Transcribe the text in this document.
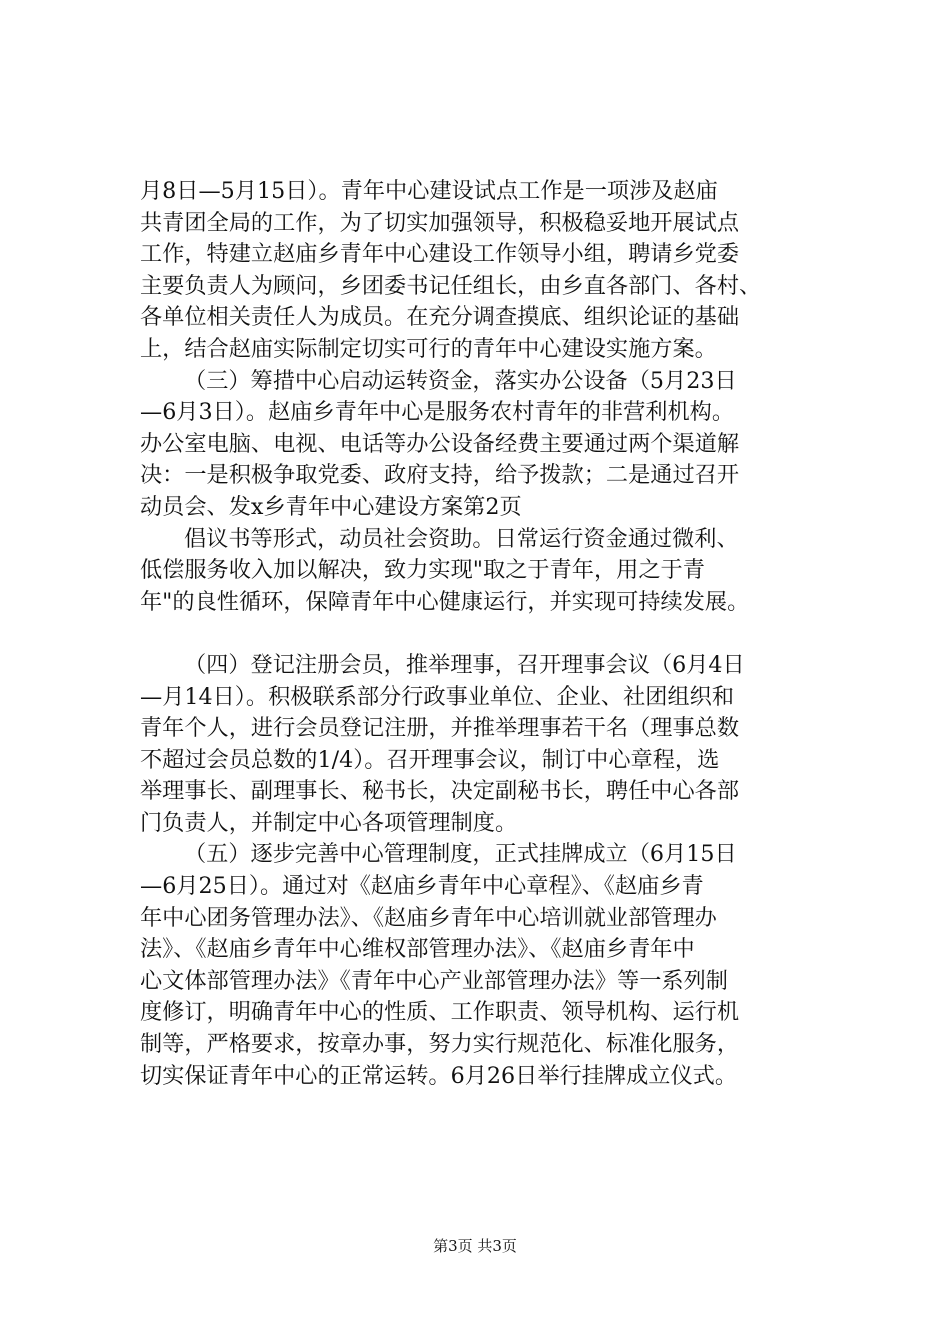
月8日—5月15日）。青年中心建设试点工作是一项涉及赵庙
共青团全局的工作，为了切实加强领导，积极稳妥地开展试点
工作，特建立赵庙乡青年中心建设工作领导小组，聘请乡党委
主要负责人为顾问，乡团委书记任组长，由乡直各部门、各村、
各单位相关责任人为成员。在充分调查摸底、组织论证的基础
上，结合赵庙实际制定切实可行的青年中心建设实施方案。
（三）筹措中心启动运转资金，落实办公设备（5月23日
—6月3日）。赵庙乡青年中心是服务农村青年的非营利机构。
办公室电脑、电视、电话等办公设备经费主要通过两个渠道解
决：一是积极争取党委、政府支持，给予拨款；二是通过召开
动员会、发x乡青年中心建设方案第2页
倡议书等形式，动员社会资助。日常运行资金通过微利、
低偿服务收入加以解决，致力实现"取之于青年，用之于青
年"的良性循环，保障青年中心健康运行，并实现可持续发展。
（四）登记注册会员，推举理事，召开理事会议（6月4日
—月14日）。积极联系部分行政事业单位、企业、社团组织和
青年个人，进行会员登记注册，并推举理事若干名（理事总数
不超过会员总数的1/4）。召开理事会议，制订中心章程，选
举理事长、副理事长、秘书长，决定副秘书长，聘任中心各部
门负责人，并制定中心各项管理制度。
（五）逐步完善中心管理制度，正式挂牌成立（6月15日
—6月25日）。通过对《赵庙乡青年中心章程》、《赵庙乡青
年中心团务管理办法》、《赵庙乡青年中心培训就业部管理办
法》、《赵庙乡青年中心维权部管理办法》、《赵庙乡青年中
心文体部管理办法》《青年中心产业部管理办法》等一系列制
度修订，明确青年中心的性质、工作职责、领导机构、运行机
制等，严格要求，按章办事，努力实行规范化、标准化服务，
切实保证青年中心的正常运转。6月26日举行挂牌成立仪式。
第3页 共3页
